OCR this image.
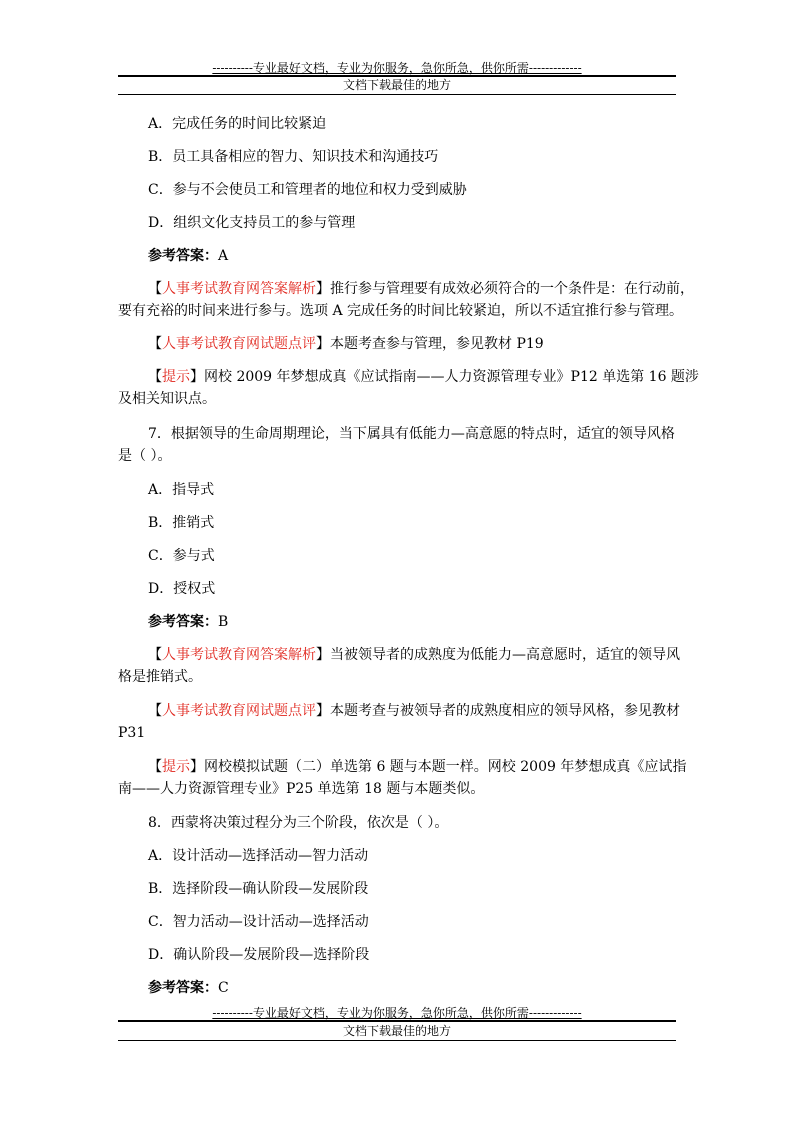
----------专业最好文档，专业为你服务，急你所急，供你所需-------------
文档下载最佳的地方
A．完成任务的时间比较紧迫
B．员工具备相应的智力、知识技术和沟通技巧
C．参与不会使员工和管理者的地位和权力受到威胁
D．组织文化支持员工的参与管理
参考答案：A
【人事考试教育网答案解析】推行参与管理要有成效必须符合的一个条件是：在行动前，
要有充裕的时间来进行参与。选项 A 完成任务的时间比较紧迫，所以不适宜推行参与管理。
【人事考试教育网试题点评】本题考查参与管理，参见教材 P19
【提示】网校 2009 年梦想成真《应试指南——人力资源管理专业》P12 单选第 16 题涉
及相关知识点。
7．根据领导的生命周期理论，当下属具有低能力—高意愿的特点时，适宜的领导风格
是（ ）。
A．指导式
B．推销式
C．参与式
D．授权式
参考答案：B
【人事考试教育网答案解析】当被领导者的成熟度为低能力—高意愿时，适宜的领导风
格是推销式。
【人事考试教育网试题点评】本题考查与被领导者的成熟度相应的领导风格，参见教材
P31
【提示】网校模拟试题（二）单选第 6 题与本题一样。网校 2009 年梦想成真《应试指
南——人力资源管理专业》P25 单选第 18 题与本题类似。
8．西蒙将决策过程分为三个阶段，依次是（ ）。
A．设计活动—选择活动—智力活动
B．选择阶段—确认阶段—发展阶段
C．智力活动—设计活动—选择活动
D．确认阶段—发展阶段—选择阶段
参考答案：C
----------专业最好文档，专业为你服务，急你所急，供你所需-------------
文档下载最佳的地方
